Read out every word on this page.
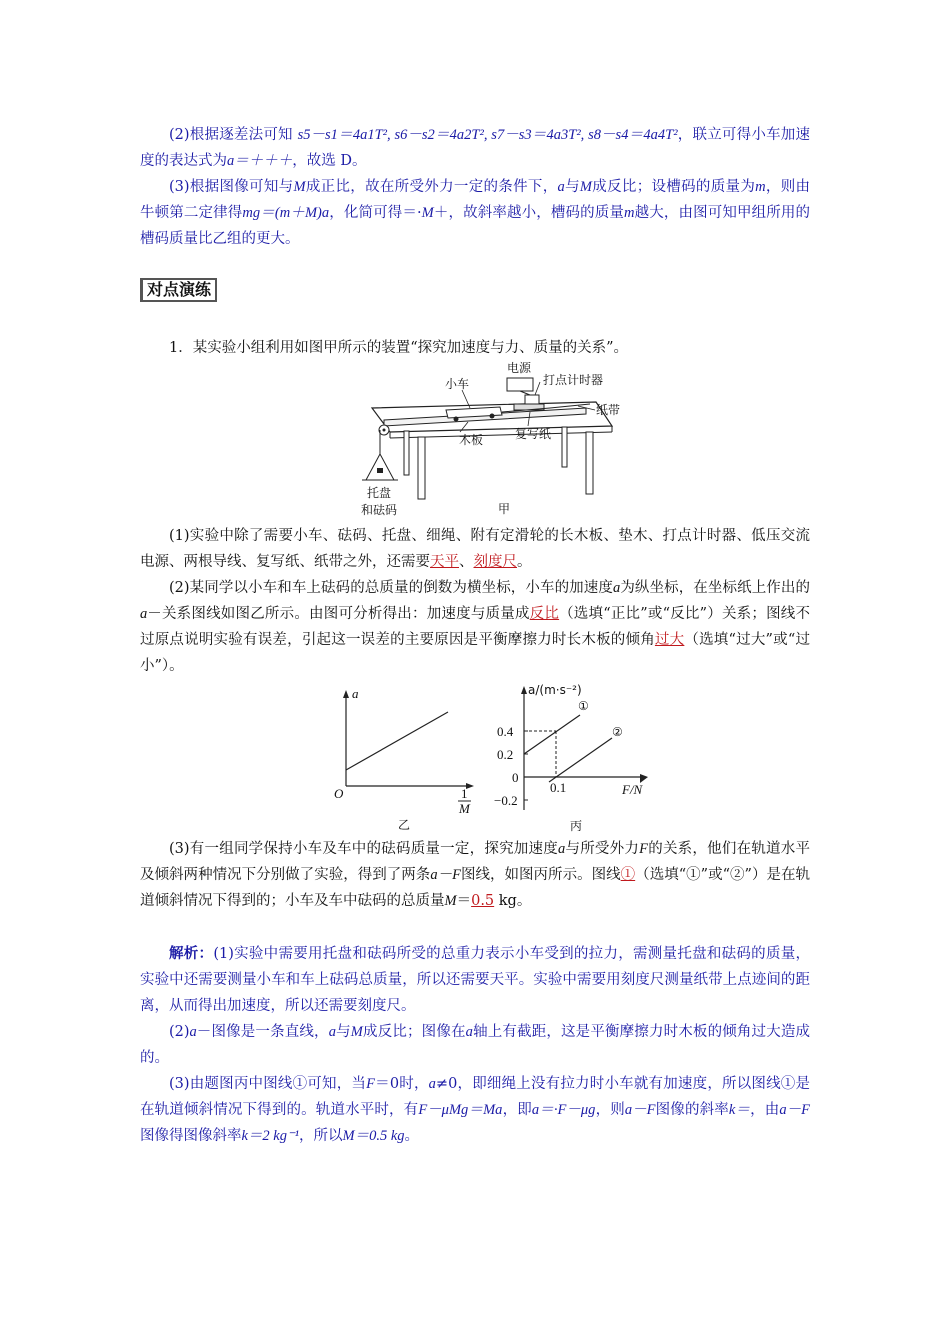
(2)根据逐差法可知 s5－s1＝4a1T², s6－s2＝4a2T², s7－s3＝4a3T², s8－s4＝4a4T²，联立可得小车加速度的表达式为a＝＋＋＋，故选 D。
(3)根据图像可知与M成正比，故在所受外力一定的条件下，a与M成反比；设槽码的质量为m，则由牛顿第二定律得mg＝(m＋M)a，化简可得＝·M＋，故斜率越小，槽码的质量m越大，由图可知甲组所用的槽码质量比乙组的更大。
对点演练
1．某实验小组利用如图甲所示的装置“探究加速度与力、质量的关系”。
电源
打点计时器
小车
纸带
木板	复写纸
托盘
和砝码	甲
(1)实验中除了需要小车、砝码、托盘、细绳、附有定滑轮的长木板、垫木、打点计时器、低压交流电源、两根导线、复写纸、纸带之外，还需要天平、刻度尺。
(2)某同学以小车和车上砝码的总质量的倒数为横坐标，小车的加速度a为纵坐标，在坐标纸上作出的a－关系图线如图乙所示。由图可分析得出：加速度与质量成反比（选填“正比”或“反比”）关系；图线不过原点说明实验有误差，引起这一误差的主要原因是平衡摩擦力时长木板的倾角过大（选填“过大”或“过小”）。
a
O	1
M
乙
a/(m·s⁻²)
0.4
0.2
0
−0.2
0.1
①
②
F/N
丙
(3)有一组同学保持小车及车中的砝码质量一定，探究加速度a与所受外力F的关系，他们在轨道水平及倾斜两种情况下分别做了实验，得到了两条a－F图线，如图丙所示。图线①（选填“①”或“②”）是在轨道倾斜情况下得到的；小车及车中砝码的总质量M＝0.5 kg。
解析：(1)实验中需要用托盘和砝码所受的总重力表示小车受到的拉力，需测量托盘和砝码的质量，实验中还需要测量小车和车上砝码总质量，所以还需要天平。实验中需要用刻度尺测量纸带上点迹间的距离，从而得出加速度，所以还需要刻度尺。
(2)a－图像是一条直线，a与M成反比；图像在a轴上有截距，这是平衡摩擦力时木板的倾角过大造成的。
(3)由题图丙中图线①可知，当F＝0时，a≠0，即细绳上没有拉力时小车就有加速度，所以图线①是在轨道倾斜情况下得到的。轨道水平时，有F－μMg＝Ma，即a＝·F－μg，则a－F图像的斜率k＝，由a－F图像得图像斜率k＝2 kg⁻¹，所以M＝0.5 kg。
